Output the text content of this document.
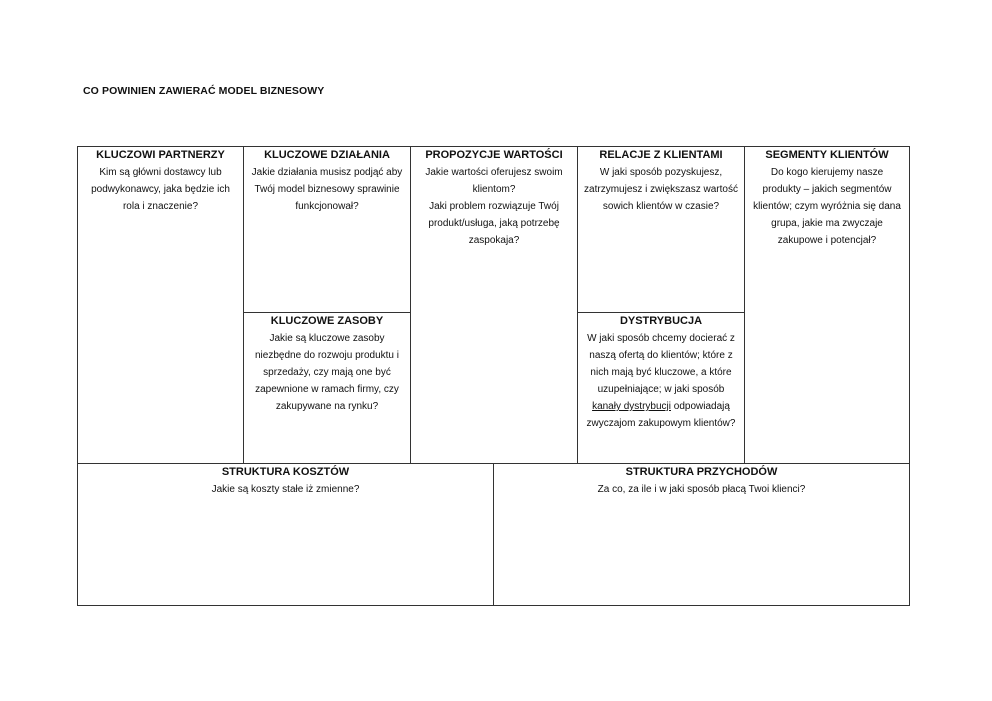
CO POWINIEN ZAWIERAĆ MODEL BIZNESOWY
KLUCZOWI PARTNERZY
Kim są główni dostawcy lub podwykonawcy, jaka będzie ich rola i znaczenie?
KLUCZOWE DZIAŁANIA
Jakie działania musisz podjąć aby Twój model biznesowy sprawinie funkcjonował?
KLUCZOWE ZASOBY
Jakie są kluczowe zasoby niezbędne do rozwoju produktu i sprzedaży, czy mają one być zapewnione w ramach firmy, czy zakupywane na rynku?
PROPOZYCJE WARTOŚCI
Jakie wartości oferujesz swoim klientom?
Jaki problem rozwiązuje Twój produkt/usługa, jaką potrzebę zaspokaja?
RELACJE Z KLIENTAMI
W jaki sposób pozyskujesz, zatrzymujesz i zwiększasz wartość sowich klientów w czasie?
DYSTRYBUCJA
W jaki sposób chcemy docierać z naszą ofertą do klientów; które z nich mają być kluczowe, a które uzupełniające; w jaki sposób kanały dystrybucji odpowiadają zwyczajom zakupowym klientów?
SEGMENTY KLIENTÓW
Do kogo kierujemy nasze produkty – jakich segmentów klientów; czym wyróżnia się dana grupa, jakie ma zwyczaje zakupowe i potencjał?
STRUKTURA KOSZTÓW
Jakie są koszty stałe iż zmienne?
STRUKTURA PRZYCHODÓW
Za co, za ile i w jaki sposób płacą Twoi klienci?
